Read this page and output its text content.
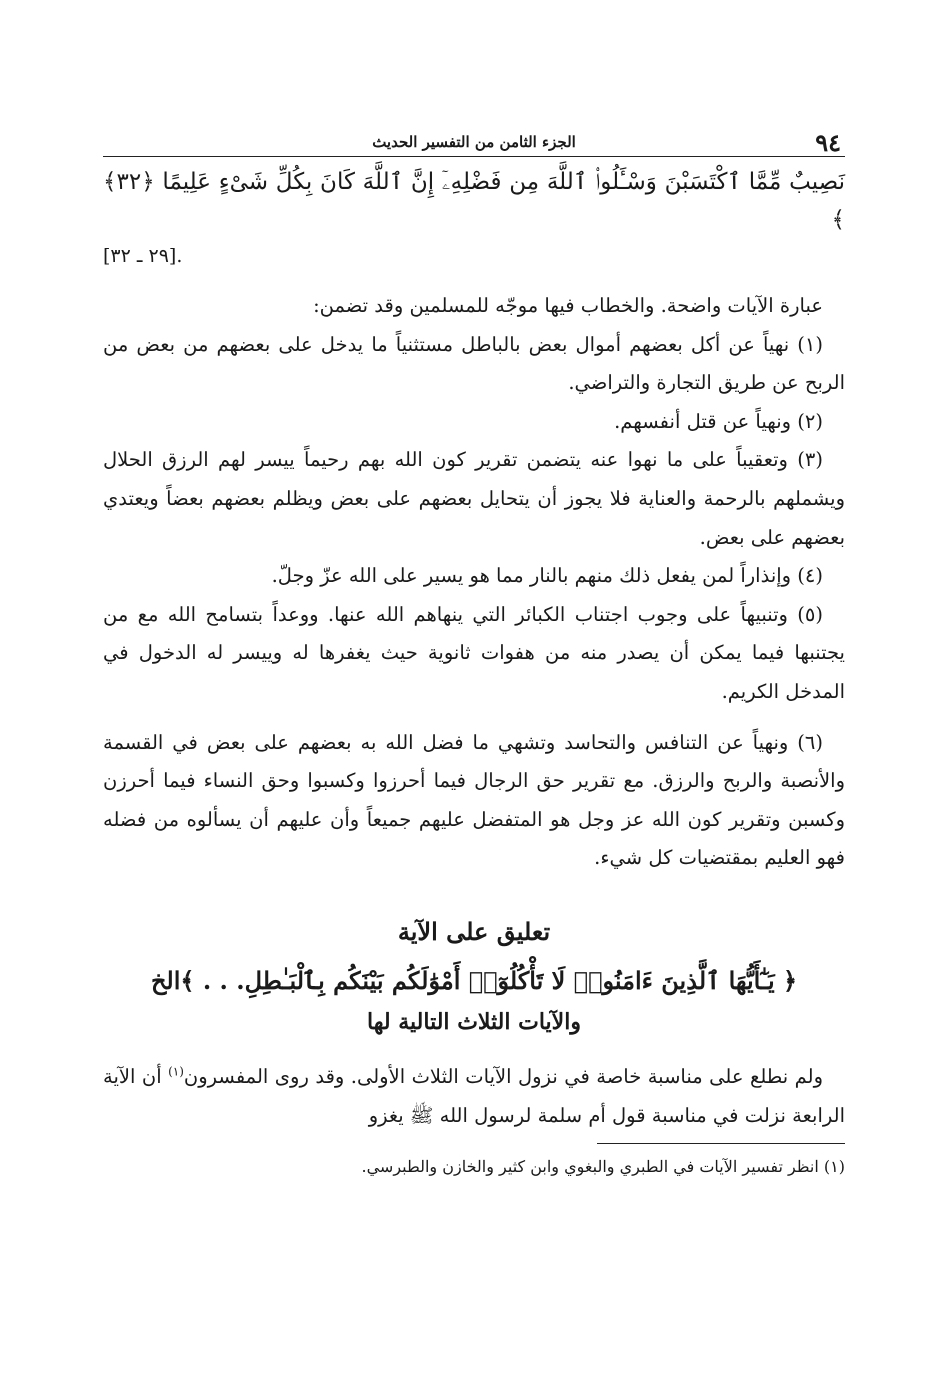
٩٤
الجزء الثامن من التفسير الحديث
نَصِيبٌ مِّمَّا ٱكْتَسَبْنَ وَسْـَٔلُوا۟ ٱللَّهَ مِن فَضْلِهِۦٓ إِنَّ ٱللَّهَ كَانَ بِكُلِّ شَىْءٍ عَلِيمًا ﴿٣٢﴾ ﴾
.[٢٩ ـ ٣٢]

عبارة الآيات واضحة. والخطاب فيها موجّه للمسلمين وقد تضمن:

(١) نهياً عن أكل بعضهم أموال بعض بالباطل مستثنياً ما يدخل على بعضهم من بعض من الربح عن طريق التجارة والتراضي.

(٢) ونهياً عن قتل أنفسهم.

(٣) وتعقيباً على ما نهوا عنه يتضمن تقرير كون الله بهم رحيماً ييسر لهم الرزق الحلال ويشملهم بالرحمة والعناية فلا يجوز أن يتحايل بعضهم على بعض ويظلم بعضهم بعضاً ويعتدي بعضهم على بعض.

(٤) وإنذاراً لمن يفعل ذلك منهم بالنار مما هو يسير على الله عزّ وجلّ.

(٥) وتنبيهاً على وجوب اجتناب الكبائر التي ينهاهم الله عنها. ووعداً بتسامح الله مع من يجتنبها فيما يمكن أن يصدر منه من هفوات ثانوية حيث يغفرها له وييسر له الدخول في المدخل الكريم.

(٦) ونهياً عن التنافس والتحاسد وتشهي ما فضل الله به بعضهم على بعض في القسمة والأنصبة والربح والرزق. مع تقرير حق الرجال فيما أحرزوا وكسبوا وحق النساء فيما أحرزن وكسبن وتقرير كون الله عز وجل هو المتفضل عليهم جميعاً وأن عليهم أن يسألوه من فضله فهو العليم بمقتضيات كل شيء.

تعليق على الآية
﴿ يَـٰٓأَيُّهَا ٱلَّذِينَ ءَامَنُوا۟ لَا تَأْكُلُوٓا۟ أَمْوَٰلَكُم بَيْنَكُم بِٱلْبَـٰطِلِ. . . ﴾الخ
والآيات الثلاث التالية لها

ولم نطلع على مناسبة خاصة في نزول الآيات الثلاث الأولى. وقد روى المفسرون$^{(١)}$ أن الآية الرابعة نزلت في مناسبة قول أم سلمة لرسول الله ﷺ يغزو

(١) انظر تفسير الآيات في الطبري والبغوي وابن كثير والخازن والطبرسي.
